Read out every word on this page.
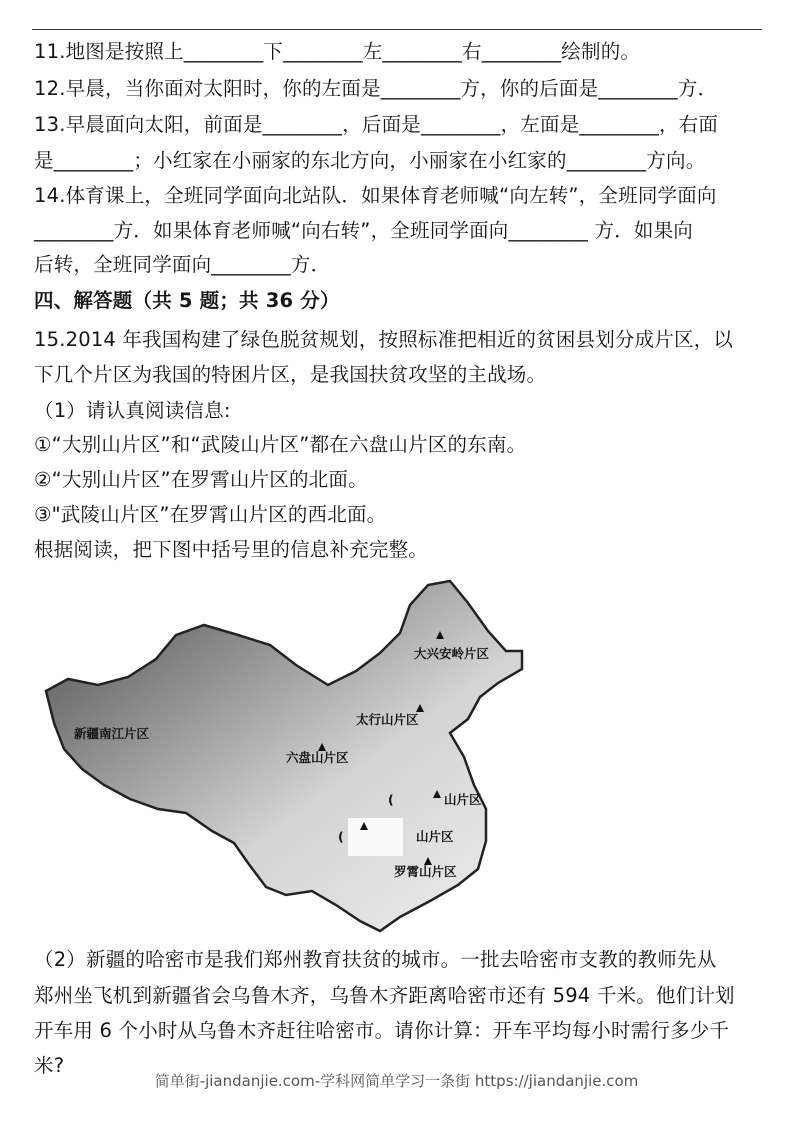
11.地图是按照上________下________左________右________绘制的。
12.早晨，当你面对太阳时，你的左面是________方，你的后面是________方．
13.早晨面向太阳，前面是________，后面是________，左面是________，右面
是________；小红家在小丽家的东北方向，小丽家在小红家的________方向。
14.体育课上，全班同学面向北站队．如果体育老师喊“向左转”，全班同学面向
________方．如果体育老师喊“向右转”，全班同学面向________ 方．如果向
后转，全班同学面向________方．
四、解答题（共 5 题；共 36 分）
15.2014 年我国构建了绿色脱贫规划，按照标准把相近的贫困县划分成片区，以
下几个片区为我国的特困片区，是我国扶贫攻坚的主战场。
（1）请认真阅读信息:
①“大别山片区”和“武陵山片区”都在六盘山片区的东南。
②“大别山片区”在罗霄山片区的北面。
③"武陵山片区”在罗霄山片区的西北面。
根据阅读，把下图中括号里的信息补充完整。
大兴安岭片区
太行山片区
新疆南江片区
六盘山片区
(	山片区
(	山片区
罗霄山片区
（2）新疆的哈密市是我们郑州教育扶贫的城市。一批去哈密市支教的教师先从
郑州坐飞机到新疆省会乌鲁木齐，乌鲁木齐距离哈密市还有 594 千米。他们计划
开车用 6 个小时从乌鲁木齐赶往哈密市。请你计算：开车平均每小时需行多少千
米?
简单街-jiandanjie.com-学科网简单学习一条街 https://jiandanjie.com
